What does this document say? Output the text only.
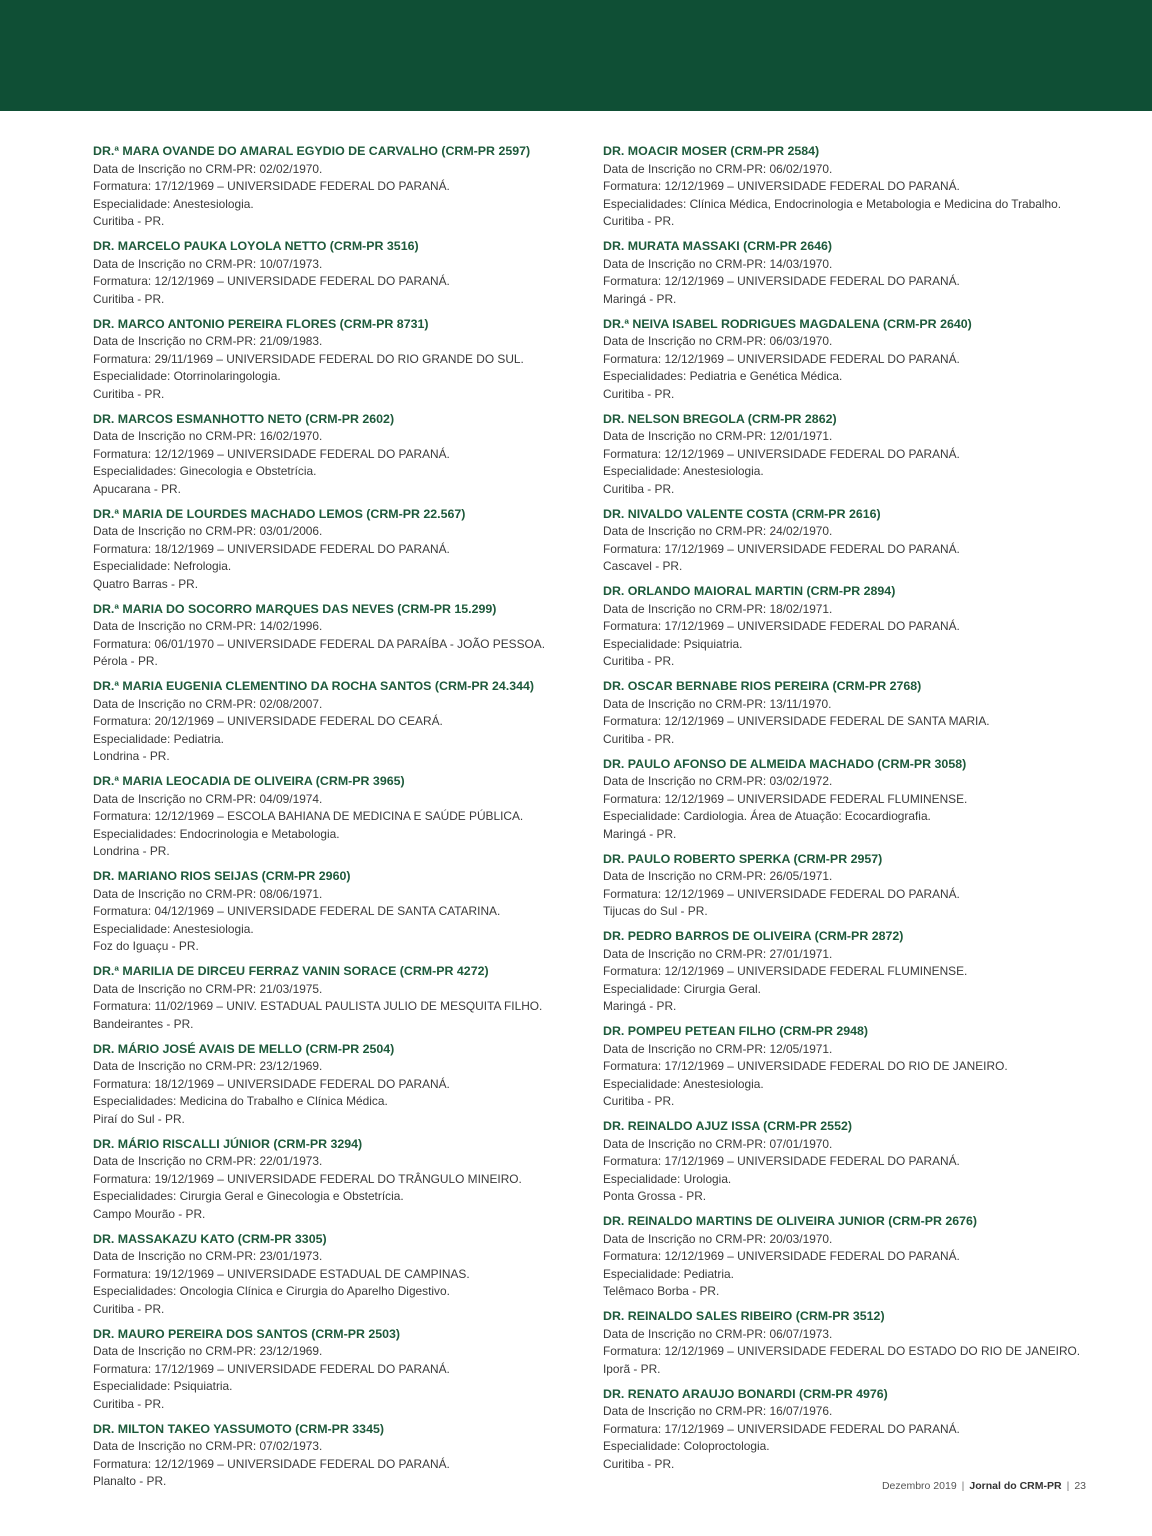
DR.ª MARA OVANDE DO AMARAL EGYDIO DE CARVALHO (CRM-PR 2597)
Data de Inscrição no CRM-PR: 02/02/1970.
Formatura: 17/12/1969 – UNIVERSIDADE FEDERAL DO PARANÁ.
Especialidade: Anestesiologia.
Curitiba - PR.
DR. MARCELO PAUKA LOYOLA NETTO (CRM-PR 3516)
Data de Inscrição no CRM-PR: 10/07/1973.
Formatura: 12/12/1969 – UNIVERSIDADE FEDERAL DO PARANÁ.
Curitiba - PR.
DR. MARCO ANTONIO PEREIRA FLORES (CRM-PR 8731)
Data de Inscrição no CRM-PR: 21/09/1983.
Formatura: 29/11/1969 – UNIVERSIDADE FEDERAL DO RIO GRANDE DO SUL.
Especialidade: Otorrinolaringologia.
Curitiba - PR.
DR. MARCOS ESMANHOTTO NETO (CRM-PR 2602)
Data de Inscrição no CRM-PR: 16/02/1970.
Formatura: 12/12/1969 – UNIVERSIDADE FEDERAL DO PARANÁ.
Especialidades: Ginecologia e Obstetrícia.
Apucarana - PR.
DR.ª MARIA DE LOURDES MACHADO LEMOS (CRM-PR 22.567)
Data de Inscrição no CRM-PR: 03/01/2006.
Formatura: 18/12/1969 – UNIVERSIDADE FEDERAL DO PARANÁ.
Especialidade: Nefrologia.
Quatro Barras - PR.
DR.ª MARIA DO SOCORRO MARQUES DAS NEVES (CRM-PR 15.299)
Data de Inscrição no CRM-PR: 14/02/1996.
Formatura: 06/01/1970 – UNIVERSIDADE FEDERAL DA PARAÍBA - JOÃO PESSOA.
Pérola - PR.
DR.ª MARIA EUGENIA CLEMENTINO DA ROCHA SANTOS (CRM-PR 24.344)
Data de Inscrição no CRM-PR: 02/08/2007.
Formatura: 20/12/1969 – UNIVERSIDADE FEDERAL DO CEARÁ.
Especialidade: Pediatria.
Londrina - PR.
DR.ª MARIA LEOCADIA DE OLIVEIRA (CRM-PR 3965)
Data de Inscrição no CRM-PR: 04/09/1974.
Formatura: 12/12/1969 – ESCOLA BAHIANA DE MEDICINA E SAÚDE PÚBLICA.
Especialidades: Endocrinologia e Metabologia.
Londrina - PR.
DR. MARIANO RIOS SEIJAS (CRM-PR 2960)
Data de Inscrição no CRM-PR: 08/06/1971.
Formatura: 04/12/1969 – UNIVERSIDADE FEDERAL DE SANTA CATARINA.
Especialidade: Anestesiologia.
Foz do Iguaçu - PR.
DR.ª MARILIA DE DIRCEU FERRAZ VANIN SORACE (CRM-PR 4272)
Data de Inscrição no CRM-PR: 21/03/1975.
Formatura: 11/02/1969 – UNIV. ESTADUAL PAULISTA JULIO DE MESQUITA FILHO.
Bandeirantes - PR.
DR. MÁRIO JOSÉ AVAIS DE MELLO (CRM-PR 2504)
Data de Inscrição no CRM-PR: 23/12/1969.
Formatura: 18/12/1969 – UNIVERSIDADE FEDERAL DO PARANÁ.
Especialidades: Medicina do Trabalho e Clínica Médica.
Piraí do Sul - PR.
DR. MÁRIO RISCALLI JÚNIOR (CRM-PR 3294)
Data de Inscrição no CRM-PR: 22/01/1973.
Formatura: 19/12/1969 – UNIVERSIDADE FEDERAL DO TRÂNGULO MINEIRO.
Especialidades: Cirurgia Geral e Ginecologia e Obstetrícia.
Campo Mourão - PR.
DR. MASSAKAZU KATO (CRM-PR 3305)
Data de Inscrição no CRM-PR: 23/01/1973.
Formatura: 19/12/1969 – UNIVERSIDADE ESTADUAL DE CAMPINAS.
Especialidades: Oncologia Clínica e Cirurgia do Aparelho Digestivo.
Curitiba - PR.
DR. MAURO PEREIRA DOS SANTOS (CRM-PR 2503)
Data de Inscrição no CRM-PR: 23/12/1969.
Formatura: 17/12/1969 – UNIVERSIDADE FEDERAL DO PARANÁ.
Especialidade: Psiquiatria.
Curitiba - PR.
DR. MILTON TAKEO YASSUMOTO (CRM-PR 3345)
Data de Inscrição no CRM-PR: 07/02/1973.
Formatura: 12/12/1969 – UNIVERSIDADE FEDERAL DO PARANÁ.
Planalto - PR.
DR. MOACIR MOSER (CRM-PR 2584)
Data de Inscrição no CRM-PR: 06/02/1970.
Formatura: 12/12/1969 – UNIVERSIDADE FEDERAL DO PARANÁ.
Especialidades: Clínica Médica, Endocrinologia e Metabologia e Medicina do Trabalho.
Curitiba - PR.
DR. MURATA MASSAKI (CRM-PR 2646)
Data de Inscrição no CRM-PR: 14/03/1970.
Formatura: 12/12/1969 – UNIVERSIDADE FEDERAL DO PARANÁ.
Maringá - PR.
DR.ª NEIVA ISABEL RODRIGUES MAGDALENA (CRM-PR 2640)
Data de Inscrição no CRM-PR: 06/03/1970.
Formatura: 12/12/1969 – UNIVERSIDADE FEDERAL DO PARANÁ.
Especialidades: Pediatria e Genética Médica.
Curitiba - PR.
DR. NELSON BREGOLA (CRM-PR 2862)
Data de Inscrição no CRM-PR: 12/01/1971.
Formatura: 12/12/1969 – UNIVERSIDADE FEDERAL DO PARANÁ.
Especialidade: Anestesiologia.
Curitiba - PR.
DR. NIVALDO VALENTE COSTA (CRM-PR 2616)
Data de Inscrição no CRM-PR: 24/02/1970.
Formatura: 17/12/1969 – UNIVERSIDADE FEDERAL DO PARANÁ.
Cascavel - PR.
DR. ORLANDO MAIORAL MARTIN (CRM-PR 2894)
Data de Inscrição no CRM-PR: 18/02/1971.
Formatura: 17/12/1969 – UNIVERSIDADE FEDERAL DO PARANÁ.
Especialidade: Psiquiatria.
Curitiba - PR.
DR. OSCAR BERNABE RIOS PEREIRA (CRM-PR 2768)
Data de Inscrição no CRM-PR: 13/11/1970.
Formatura: 12/12/1969 – UNIVERSIDADE FEDERAL DE SANTA MARIA.
Curitiba - PR.
DR. PAULO AFONSO DE ALMEIDA MACHADO (CRM-PR 3058)
Data de Inscrição no CRM-PR: 03/02/1972.
Formatura: 12/12/1969 – UNIVERSIDADE FEDERAL FLUMINENSE.
Especialidade: Cardiologia. Área de Atuação: Ecocardiografia.
Maringá - PR.
DR. PAULO ROBERTO SPERKA (CRM-PR 2957)
Data de Inscrição no CRM-PR: 26/05/1971.
Formatura: 12/12/1969 – UNIVERSIDADE FEDERAL DO PARANÁ.
Tijucas do Sul - PR.
DR. PEDRO BARROS DE OLIVEIRA (CRM-PR 2872)
Data de Inscrição no CRM-PR: 27/01/1971.
Formatura: 12/12/1969 – UNIVERSIDADE FEDERAL FLUMINENSE.
Especialidade: Cirurgia Geral.
Maringá - PR.
DR. POMPEU PETEAN FILHO (CRM-PR 2948)
Data de Inscrição no CRM-PR: 12/05/1971.
Formatura: 17/12/1969 – UNIVERSIDADE FEDERAL DO RIO DE JANEIRO.
Especialidade: Anestesiologia.
Curitiba - PR.
DR. REINALDO AJUZ ISSA (CRM-PR 2552)
Data de Inscrição no CRM-PR: 07/01/1970.
Formatura: 17/12/1969 – UNIVERSIDADE FEDERAL DO PARANÁ.
Especialidade: Urologia.
Ponta Grossa - PR.
DR. REINALDO MARTINS DE OLIVEIRA JUNIOR (CRM-PR 2676)
Data de Inscrição no CRM-PR: 20/03/1970.
Formatura: 12/12/1969 – UNIVERSIDADE FEDERAL DO PARANÁ.
Especialidade: Pediatria.
Telêmaco Borba - PR.
DR. REINALDO SALES RIBEIRO (CRM-PR 3512)
Data de Inscrição no CRM-PR: 06/07/1973.
Formatura: 12/12/1969 – UNIVERSIDADE FEDERAL DO ESTADO DO RIO DE JANEIRO.
Iporã - PR.
DR. RENATO ARAUJO BONARDI (CRM-PR 4976)
Data de Inscrição no CRM-PR: 16/07/1976.
Formatura: 17/12/1969 – UNIVERSIDADE FEDERAL DO PARANÁ.
Especialidade: Coloproctologia.
Curitiba - PR.
Dezembro 2019 | Jornal do CRM-PR | 23
